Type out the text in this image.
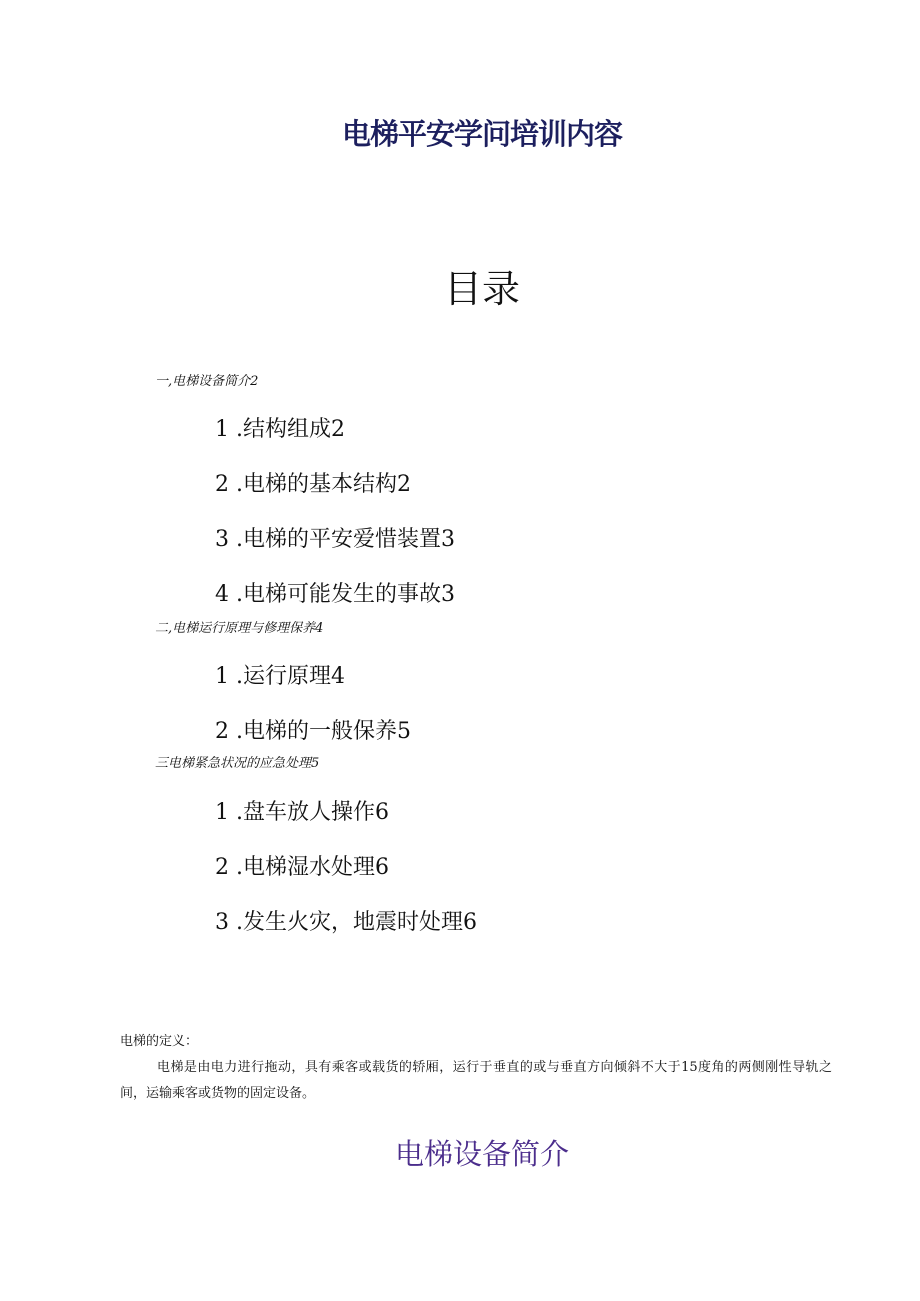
电梯平安学问培训内容
目录
一,电梯设备简介2
1 .结构组成2
2 .电梯的基本结构2
3 .电梯的平安爱惜装置3
4 .电梯可能发生的事故3
二,电梯运行原理与修理保养4
1 .运行原理4
2 .电梯的一般保养5
三电梯紧急状况的应急处理5
1 .盘车放人操作6
2 .电梯湿水处理6
3 .发生火灾，地震时处理6
电梯的定义：
电梯是由电力进行拖动，具有乘客或载货的轿厢，运行于垂直的或与垂直方向倾斜不大于15度角的两侧刚性导轨之间，运输乘客或货物的固定设备。
电梯设备简介
